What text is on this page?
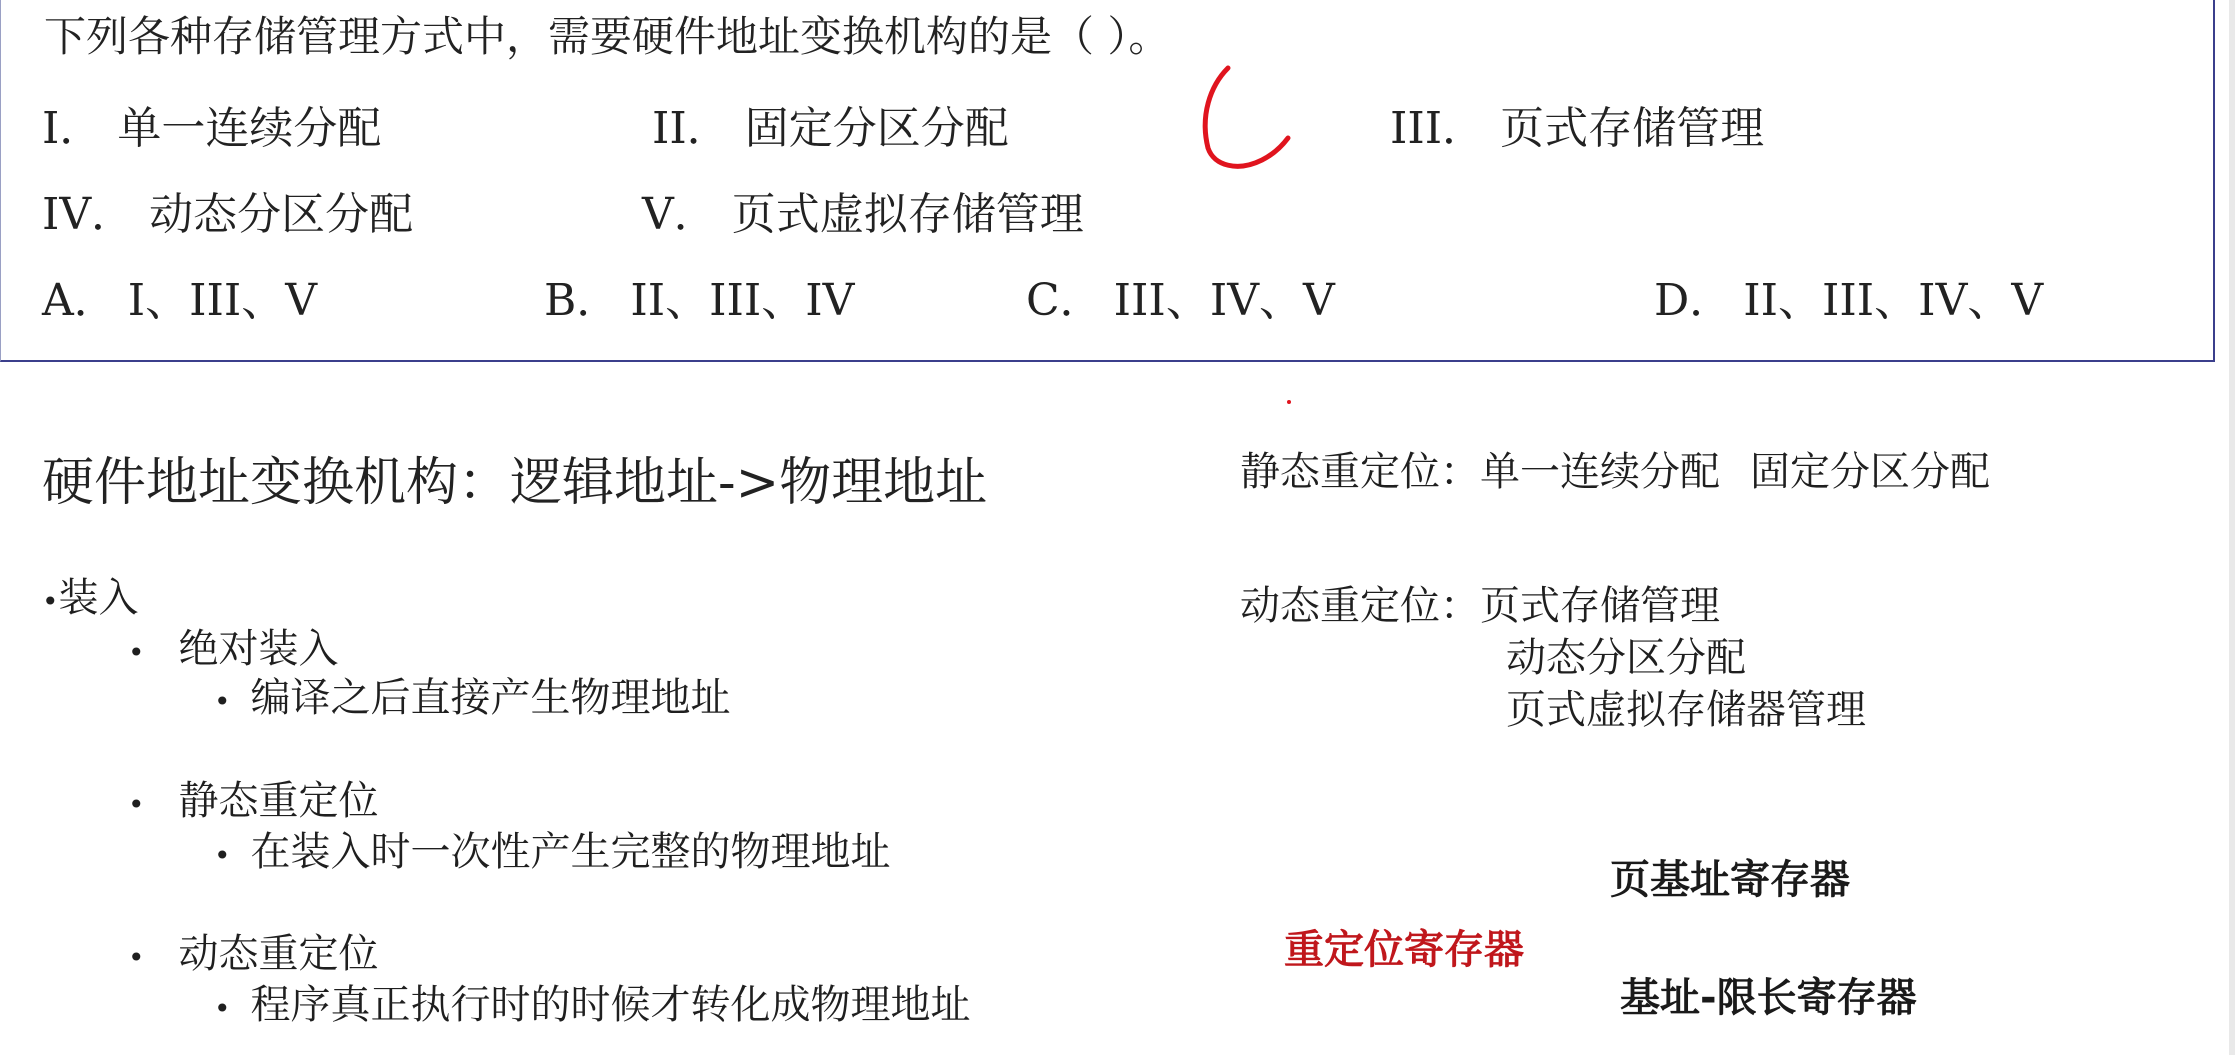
下列各种存储管理方式中，需要硬件地址变换机构的是（ ）。
I． 单一连续分配	II． 固定分区分配	III． 页式存储管理
IV． 动态分区分配	V． 页式虚拟存储管理
A． I、III、V	B． II、III、IV	C． III、IV、V	D． II、III、IV、V
硬件地址变换机构：逻辑地址->物理地址
•装入
• 绝对装入
• 编译之后直接产生物理地址
• 静态重定位
• 在装入时一次性产生完整的物理地址
• 动态重定位
• 程序真正执行时的时候才转化成物理地址
静态重定位：单一连续分配 固定分区分配
动态重定位：页式存储管理
动态分区分配
页式虚拟存储器管理
页基址寄存器
重定位寄存器
基址-限长寄存器
